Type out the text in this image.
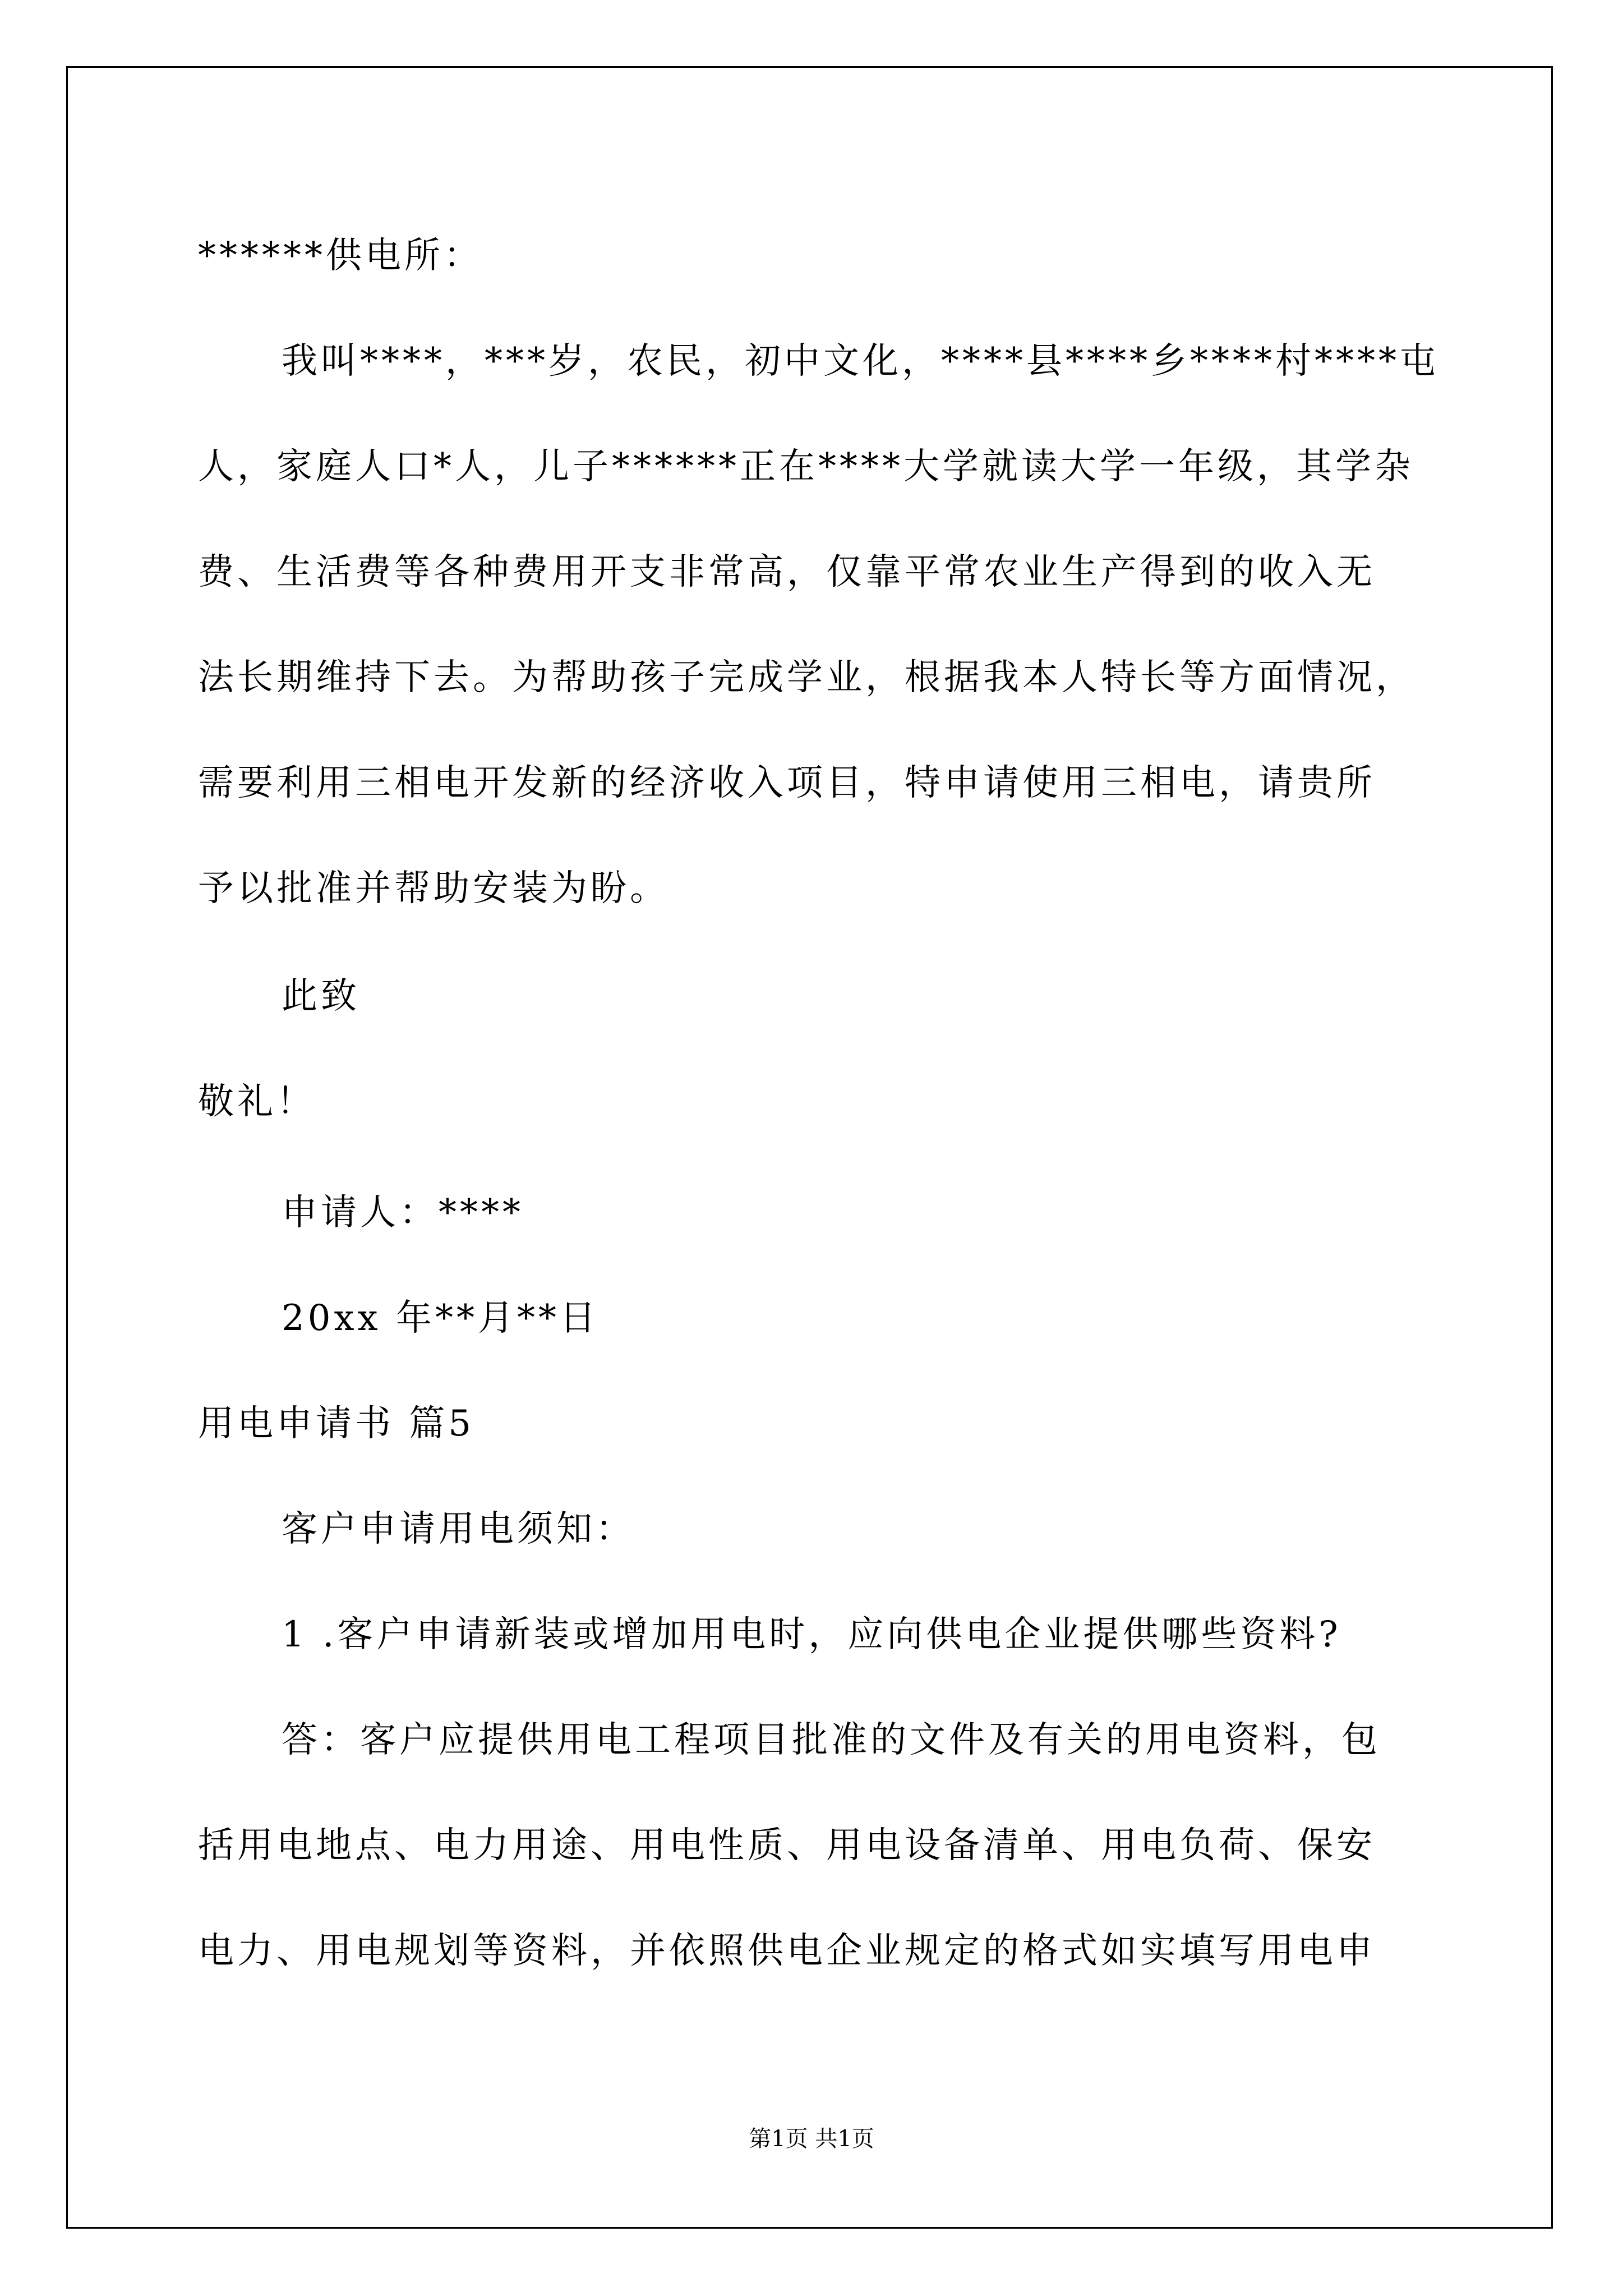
******供电所：

我叫****，***岁，农民，初中文化，****县****乡****村****屯

人，家庭人口*人，儿子******正在****大学就读大学一年级，其学杂

费、生活费等各种费用开支非常高，仅靠平常农业生产得到的收入无

法长期维持下去。为帮助孩子完成学业，根据我本人特长等方面情况，

需要利用三相电开发新的经济收入项目，特申请使用三相电，请贵所

予以批准并帮助安装为盼。

此致

敬礼！

申请人：****

20xx 年**月**日

用电申请书 篇5

客户申请用电须知：

1 .客户申请新装或增加用电时，应向供电企业提供哪些资料?

答：客户应提供用电工程项目批准的文件及有关的用电资料，包

括用电地点、电力用途、用电性质、用电设备清单、用电负荷、保安

电力、用电规划等资料，并依照供电企业规定的格式如实填写用电申

第1页 共1页
